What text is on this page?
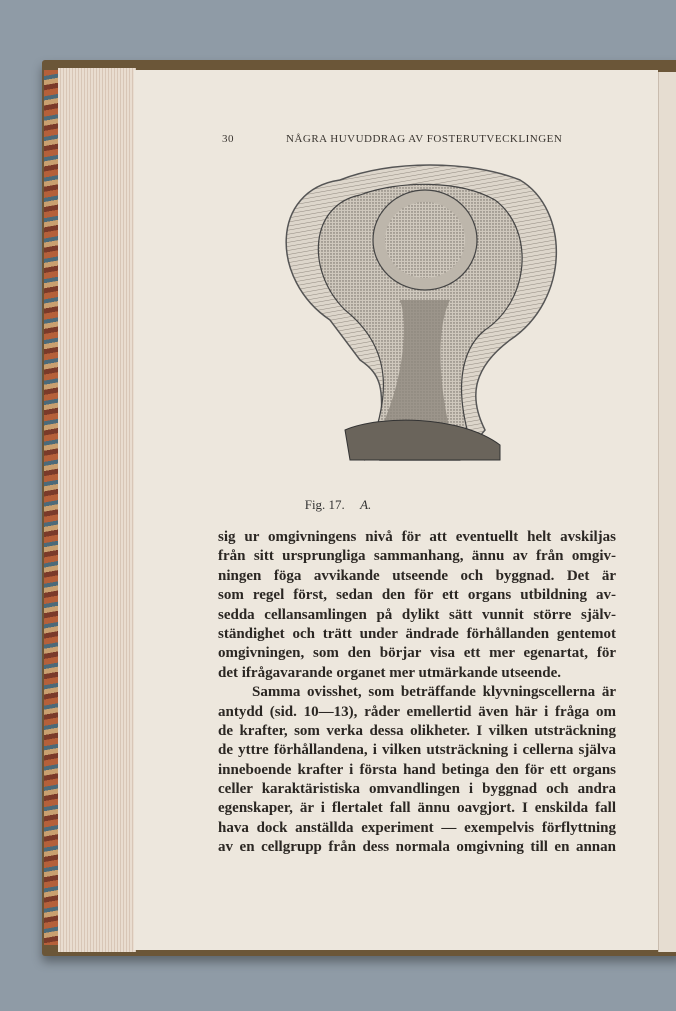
30	NÅGRA HUVUDDRAG AV FOSTERUTVECKLINGEN
Fig. 17. A.
sig ur omgivningens nivå för att eventuellt helt avskiljas
från sitt ursprungliga sammanhang, ännu av från omgiv-
ningen föga avvikande utseende och byggnad. Det är
som regel först, sedan den för ett organs utbildning av-
sedda cellansamlingen på dylikt sätt vunnit större själv-
ständighet och trätt under ändrade förhållanden gentemot
omgivningen, som den börjar visa ett mer egenartat, för
det ifrågavarande organet mer utmärkande utseende.
Samma ovisshet, som beträffande klyvningscellerna är
antydd (sid. 10—13), råder emellertid även här i fråga om
de krafter, som verka dessa olikheter. I vilken utsträckning
de yttre förhållandena, i vilken utsträckning i cellerna själva
inneboende krafter i första hand betinga den för ett organs
celler karaktäristiska omvandlingen i byggnad och andra
egenskaper, är i flertalet fall ännu oavgjort. I enskilda fall
hava dock anställda experiment — exempelvis förflyttning
av en cellgrupp från dess normala omgivning till en annan
